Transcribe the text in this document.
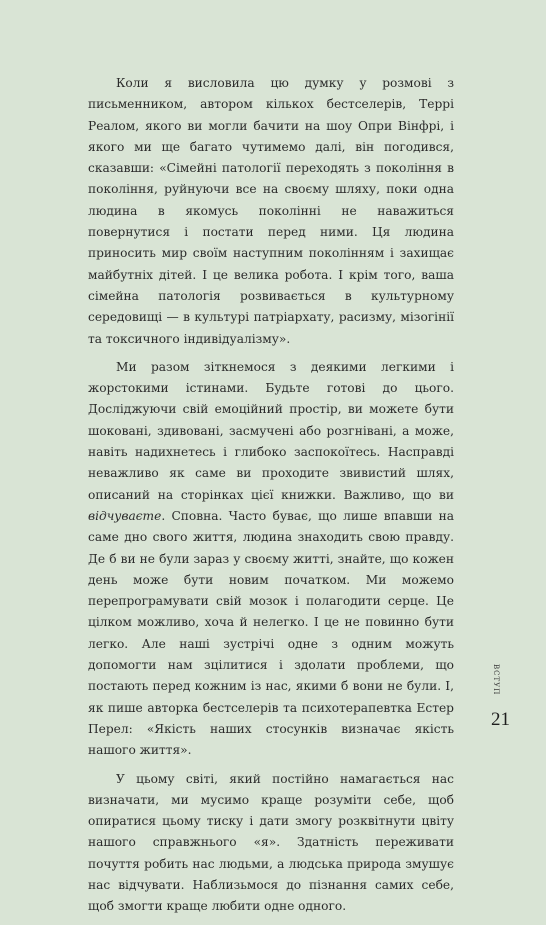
Коли я висловила цю думку у розмові з письменником, автором кількох бестселерів, Террі Реалом, якого ви могли бачити на шоу Опри Вінфрі, і якого ми ще багато чутимемо далі, він погодився, сказавши: «Сімейні патології переходять з покоління в покоління, руйнуючи все на своєму шляху, поки одна людина в якомусь поколінні не наважиться повернутися і постати перед ними. Ця людина приносить мир своїм наступним поколінням і захищає майбутніх дітей. І це велика робота. І крім того, ваша сімейна патологія розвивається в культурному середовищі — в культурі патріархату, расизму, мізогінії та токсичного індивідуалізму».

Ми разом зіткнемося з деякими легкими і жорстокими істинами. Будьте готові до цього. Досліджуючи свій емоційний простір, ви можете бути шоковані, здивовані, засмучені або розгнівані, а може, навіть надихнетесь і глибоко заспокоїтесь. Насправді неважливо як саме ви проходите звивистий шлях, описаний на сторінках цієї книжки. Важливо, що ви відчуваєте. Сповна. Часто буває, що лише впавши на саме дно свого життя, людина знаходить свою правду. Де б ви не були зараз у своєму житті, знайте, що кожен день може бути новим початком. Ми можемо перепрограмувати свій мозок і полагодити серце. Це цілком можливо, хоча й нелегко. І це не повинно бути легко. Але наші зустрічі одне з одним можуть допомогти нам зцілитися і здолати проблеми, що постають перед кожним із нас, якими б вони не були. І, як пише авторка бестселерів та психотерапевтка Естер Перел: «Якість наших стосунків визначає якість нашого життя».

У цьому світі, який постійно намагається нас визначати, ми мусимо краще розуміти себе, щоб опиратися цьому тиску і дати змогу розквітнути цвіту нашого справжнього «я». Здатність переживати почуття робить нас людьми, а людська природа змушує нас відчувати. Наблизьмося до пізнання самих себе, щоб змогти краще любити одне одного.

ВСТУП
21
